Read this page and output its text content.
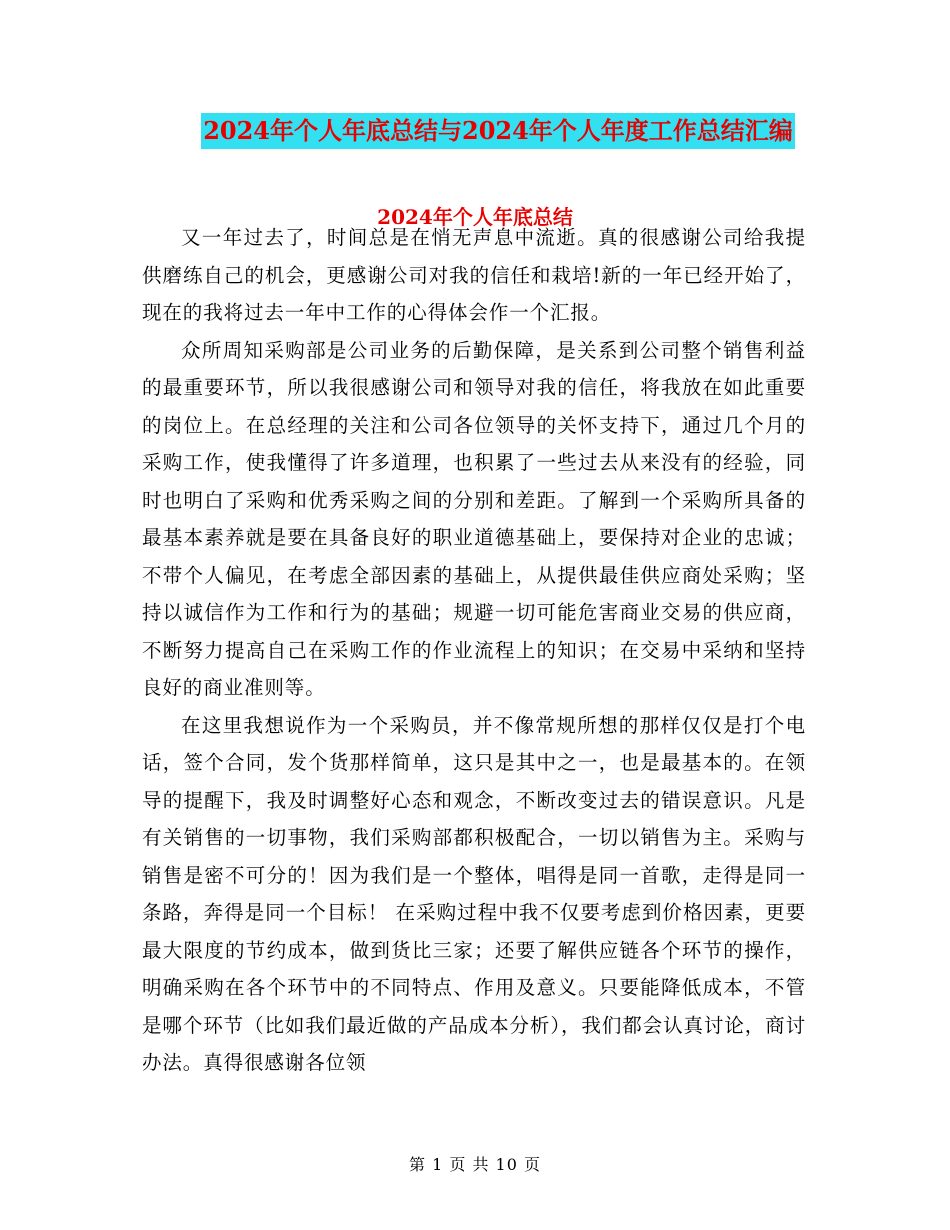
2024年个人年底总结与2024年个人年度工作总结汇编
2024年个人年底总结

又一年过去了，时间总是在悄无声息中流逝。真的很感谢公司给我提供磨练自己的机会，更感谢公司对我的信任和栽培!新的一年已经开始了，现在的我将过去一年中工作的心得体会作一个汇报。

众所周知采购部是公司业务的后勤保障，是关系到公司整个销售利益的最重要环节，所以我很感谢公司和领导对我的信任，将我放在如此重要的岗位上。在总经理的关注和公司各位领导的关怀支持下，通过几个月的采购工作，使我懂得了许多道理，也积累了一些过去从来没有的经验，同时也明白了采购和优秀采购之间的分别和差距。了解到一个采购所具备的最基本素养就是要在具备良好的职业道德基础上，要保持对企业的忠诚；不带个人偏见，在考虑全部因素的基础上，从提供最佳供应商处采购；坚持以诚信作为工作和行为的基础；规避一切可能危害商业交易的供应商，不断努力提高自己在采购工作的作业流程上的知识；在交易中采纳和坚持良好的商业准则等。

在这里我想说作为一个采购员，并不像常规所想的那样仅仅是打个电话，签个合同，发个货那样简单，这只是其中之一，也是最基本的。在领导的提醒下，我及时调整好心态和观念，不断改变过去的错误意识。凡是有关销售的一切事物，我们采购部都积极配合，一切以销售为主。采购与销售是密不可分的！因为我们是一个整体，唱得是同一首歌，走得是同一条路，奔得是同一个目标！ 在采购过程中我不仅要考虑到价格因素，更要最大限度的节约成本，做到货比三家；还要了解供应链各个环节的操作，明确采购在各个环节中的不同特点、作用及意义。只要能降低成本，不管是哪个环节（比如我们最近做的产品成本分析），我们都会认真讨论，商讨办法。真得很感谢各位领

第 1 页 共 10 页
